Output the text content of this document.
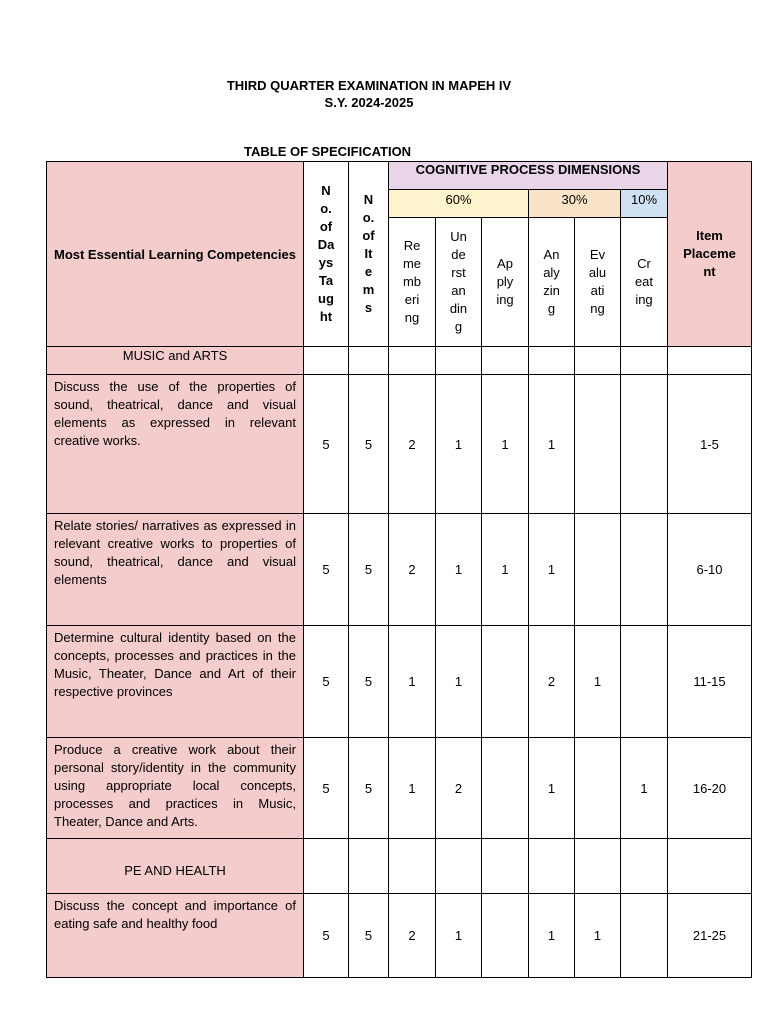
THIRD QUARTER EXAMINATION IN MAPEH IV
S.Y. 2024-2025
TABLE OF SPECIFICATION
Most Essential Learning Competencies	N o. of Da ys Ta ug ht	N o. of It e m s	COGNITIVE PROCESS DIMENSIONS						Item Placeme nt

			60%			30%		10%	

			Re me mb eri ng	Un de rst an din g	Ap ply ing	An aly zin g	Ev alu ati ng	Cr eat ing	

MUSIC and ARTS									
Discuss the use of the properties of sound, theatrical, dance and visual elements as expressed in relevant creative works.	5	5	2	1	1	1			1-5
Relate stories/ narratives as expressed in relevant creative works to properties of sound, theatrical, dance and visual elements	5	5	2	1	1	1			6-10
Determine cultural identity based on the concepts, processes and practices in the Music, Theater, Dance and Art of their respective provinces	5	5	1	1		2	1		11-15
Produce a creative work about their personal story/identity in the community using appropriate local concepts, processes and practices in Music, Theater, Dance and Arts.	5	5	1	2		1		1	16-20
PE AND HEALTH									
Discuss the concept and importance of eating safe and healthy food	5	5	2	1		1	1		21-25
